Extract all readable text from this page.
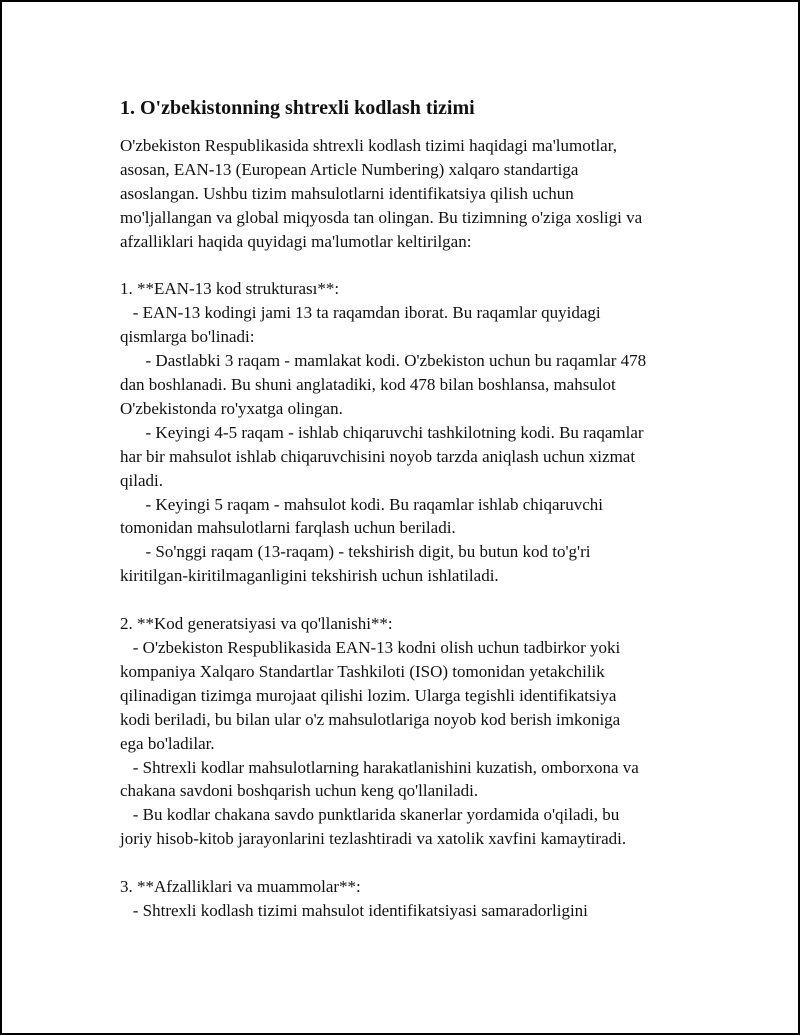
1. O'zbekistonning shtrexli kodlash tizimi
O'zbekiston Respublikasida shtrexli kodlash tizimi haqidagi ma'lumotlar,
asosan, EAN-13 (European Article Numbering) xalqaro standartiga
asoslangan. Ushbu tizim mahsulotlarni identifikatsiya qilish uchun
mo'ljallangan va global miqyosda tan olingan. Bu tizimning o'ziga xosligi va
afzalliklari haqida quyidagi ma'lumotlar keltirilgan:
1. **EAN-13 kod strukturası**:
- EAN-13 kodingi jami 13 ta raqamdan iborat. Bu raqamlar quyidagi
qismlarga bo'linadi:
- Dastlabki 3 raqam - mamlakat kodi. O'zbekiston uchun bu raqamlar 478
dan boshlanadi. Bu shuni anglatadiki, kod 478 bilan boshlansa, mahsulot
O'zbekistonda ro'yxatga olingan.
- Keyingi 4-5 raqam - ishlab chiqaruvchi tashkilotning kodi. Bu raqamlar
har bir mahsulot ishlab chiqaruvchisini noyob tarzda aniqlash uchun xizmat
qiladi.
- Keyingi 5 raqam - mahsulot kodi. Bu raqamlar ishlab chiqaruvchi
tomonidan mahsulotlarni farqlash uchun beriladi.
- So'nggi raqam (13-raqam) - tekshirish digit, bu butun kod to'g'ri
kiritilgan-kiritilmaganligini tekshirish uchun ishlatiladi.
2. **Kod generatsiyasi va qo'llanishi**:
- O'zbekiston Respublikasida EAN-13 kodni olish uchun tadbirkor yoki
kompaniya Xalqaro Standartlar Tashkiloti (ISO) tomonidan yetakchilik
qilinadigan tizimga murojaat qilishi lozim. Ularga tegishli identifikatsiya
kodi beriladi, bu bilan ular o'z mahsulotlariga noyob kod berish imkoniga
ega bo'ladilar.
- Shtrexli kodlar mahsulotlarning harakatlanishini kuzatish, omborxona va
chakana savdoni boshqarish uchun keng qo'llaniladi.
- Bu kodlar chakana savdo punktlarida skanerlar yordamida o'qiladi, bu
joriy hisob-kitob jarayonlarini tezlashtiradi va xatolik xavfini kamaytiradi.
3. **Afzalliklari va muammolar**:
- Shtrexli kodlash tizimi mahsulot identifikatsiyasi samaradorligini
